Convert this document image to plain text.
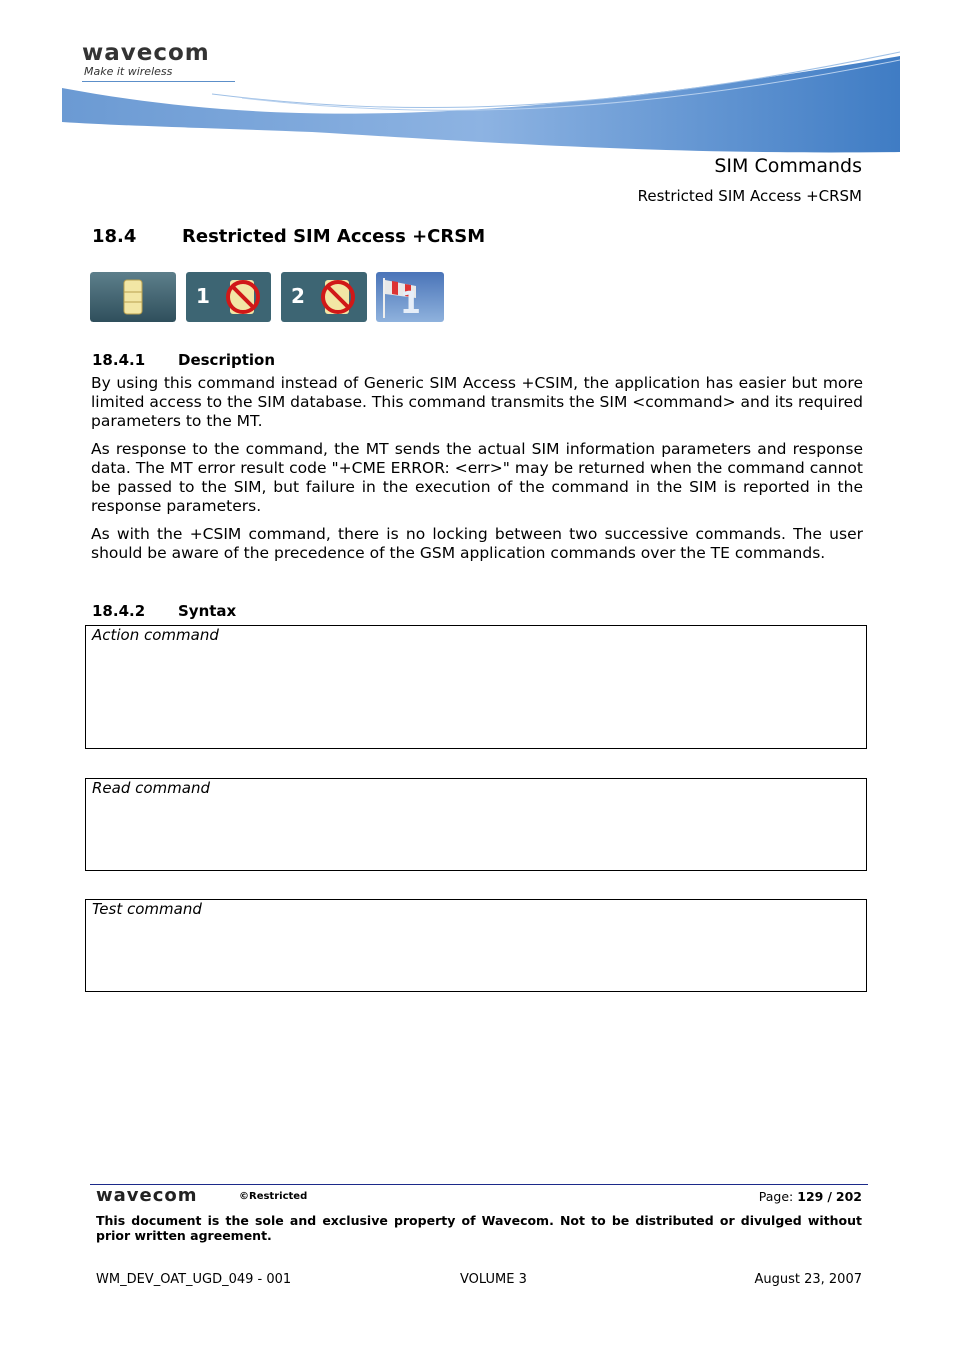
wavecom
Make it wireless
SIM Commands
Restricted SIM Access +CRSM
18.4	Restricted SIM Access +CRSM
1	2	1
18.4.1 Description
By using this command instead of Generic SIM Access +CSIM, the application has easier but more limited access to the SIM database. This command transmits the SIM <command> and its required parameters to the MT.
As response to the command, the MT sends the actual SIM information parameters and response data. The MT error result code "+CME ERROR: <err>" may be returned when the command cannot be passed to the SIM, but failure in the execution of the command in the SIM is reported in the response parameters.
As with the +CSIM command, there is no locking between two successive commands. The user should be aware of the precedence of the GSM application commands over the TE commands.
18.4.2 Syntax
Action command
Read command
Test command
wavecom	©Restricted	Page: 129 / 202
This document is the sole and exclusive property of Wavecom. Not to be distributed or divulged without prior written agreement.
WM_DEV_OAT_UGD_049 - 001	VOLUME 3	August 23, 2007
